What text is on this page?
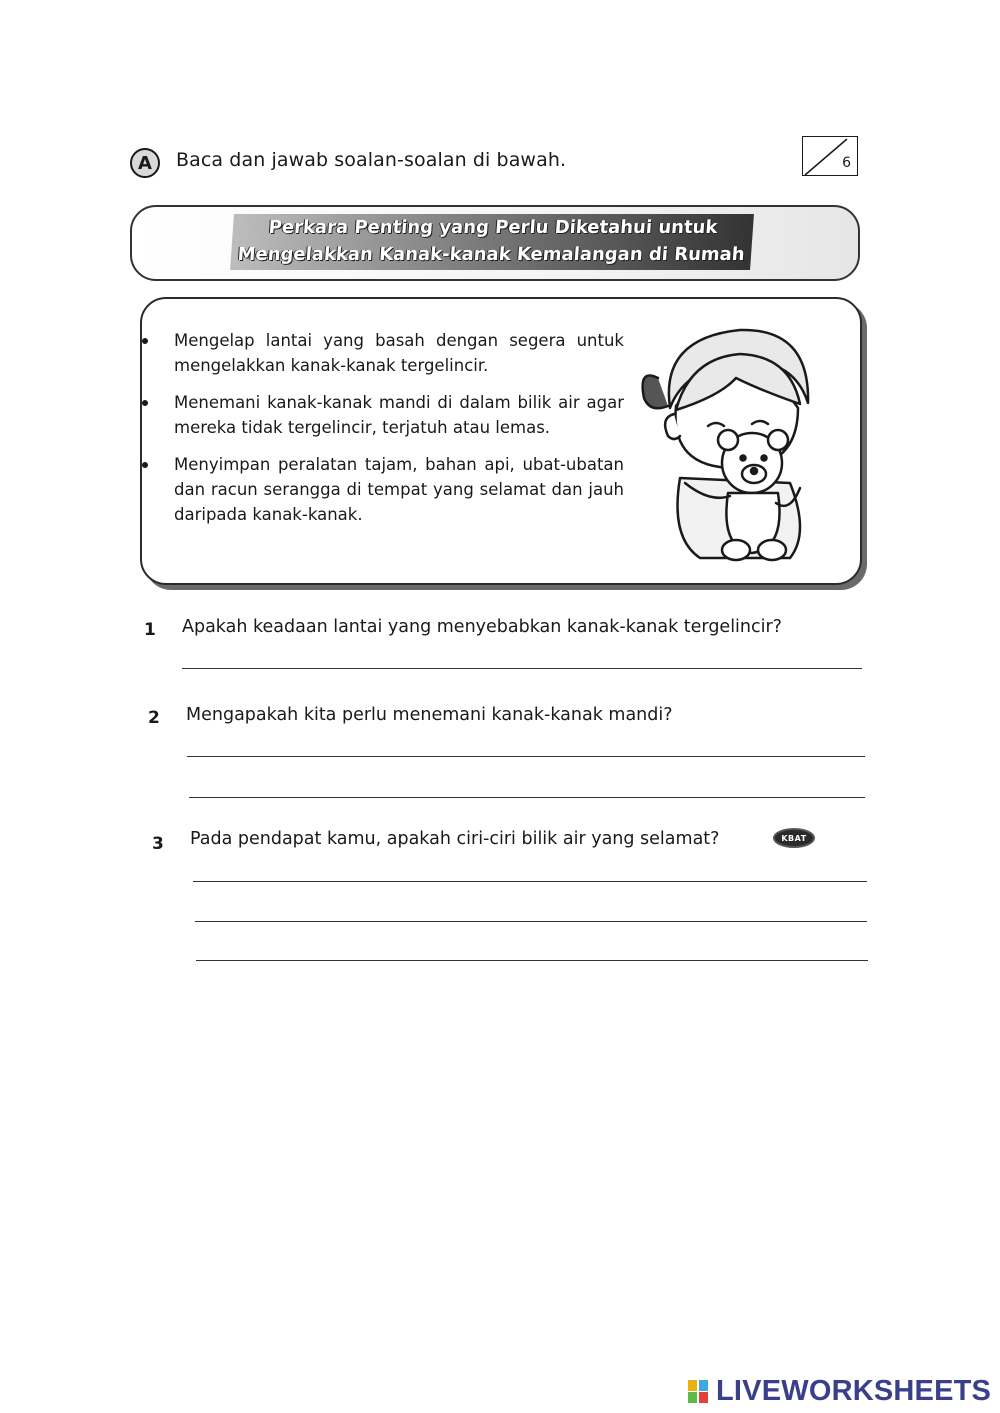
A Baca dan jawab soalan-soalan di bawah.	6
Perkara Penting yang Perlu Diketahui untuk
Mengelakkan Kanak-kanak Kemalangan di Rumah
Mengelap lantai yang basah dengan segera untuk mengelakkan kanak-kanak tergelincir.
Menemani kanak-kanak mandi di dalam bilik air agar mereka tidak tergelincir, terjatuh atau lemas.
Menyimpan peralatan tajam, bahan api, ubat-ubatan dan racun serangga di tempat yang selamat dan jauh daripada kanak-kanak.
1 Apakah keadaan lantai yang menyebabkan kanak-kanak tergelincir?
2 Mengapakah kita perlu menemani kanak-kanak mandi?
3 Pada pendapat kamu, apakah ciri-ciri bilik air yang selamat?	KBAT
LIVEWORKSHEETS
